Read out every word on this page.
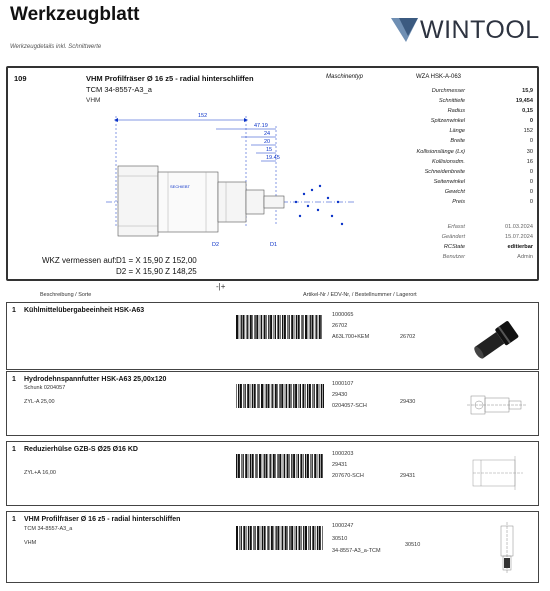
Werkzeugblatt
Werkzeugdetails inkl. Schnittwerte
WINTOOL
109	VHM Profilfräser Ø 16 z5 - radial hinterschliffen
TCM 34-8557-A3_a
VHM
Maschinentyp	WZA HSK-A-063
152
47.19
24
20
15
19.45
D2	D1
SECHIEBT
Durchmesser	15,9
Schnittiefe	19,454
Radius	0,15
Spitzenwinkel	0
Länge	152
Breite	0
Kollisionslänge (Lx)	30
Kollisionsdm.	16
Schneidenbreite	0
Seitenwinkel	0
Gewicht	0
Preis	0
Erfasst	01.03.2024
Geändert	15.07.2024
RCState	editierbar
Benutzer	Admin
WKZ vermessen auf: D1 = X 15,90 Z 152,00
D2 = X 15,90 Z 148,25
-|+
Beschreibung / Sorte	Artikel-Nr / EDV-Nr, / Bestellnummer / Lagerort
1 Kühlmittelübergabeeinheit HSK-A63
1000065
26702
A63L700+KEM	26702
1 Hydrodehnspannfutter HSK-A63 25,00x120
Schunk 0204057
ZYL-A 25,00
1000107
29430
0204057-SCH
29430
1 Reduzierhülse GZB-S Ø25 Ø16 KD
ZYL+A 16,00
1000203
29431
207670-SCH	29431
1 VHM Profilfräser Ø 16 z5 - radial hinterschliffen
TCM 34-8557-A3_a
VHM
1000247
30510
34-8557-A3_a-TCM
30510
